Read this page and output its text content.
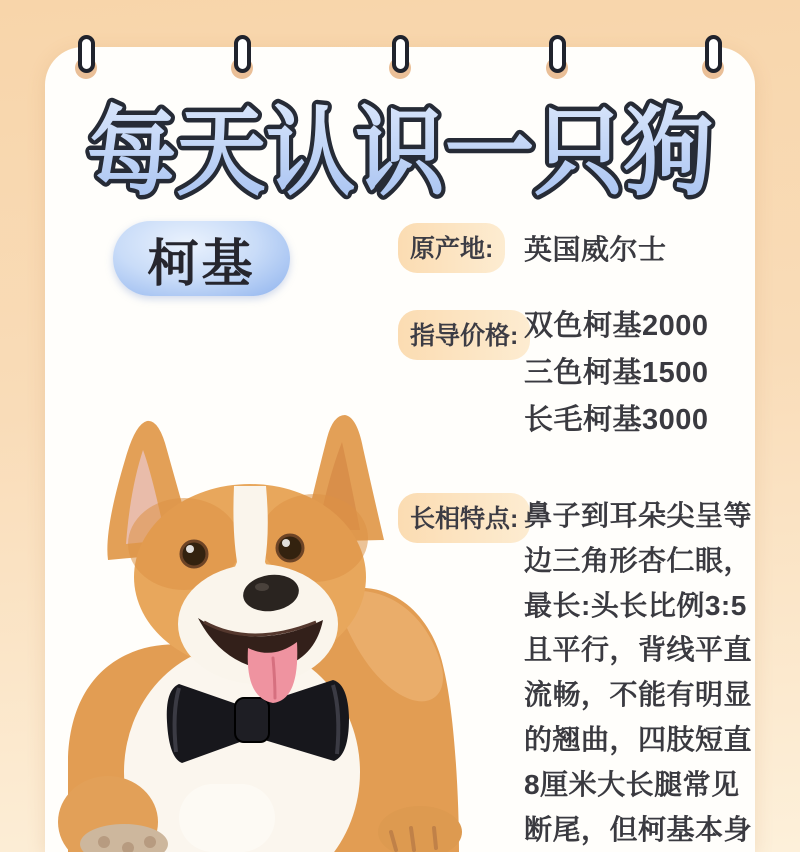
每天认识一只狗
柯基	原产地:	英国威尔士
指导价格: 双色柯基2000
三色柯基1500
长毛柯基3000
长相特点: 鼻子到耳朵尖呈等
边三角形杏仁眼，
最长:头长比例3:5
且平行，背线平直
流畅，不能有明显
的翘曲，四肢短直
8厘米大长腿常见
断尾，但柯基本身
